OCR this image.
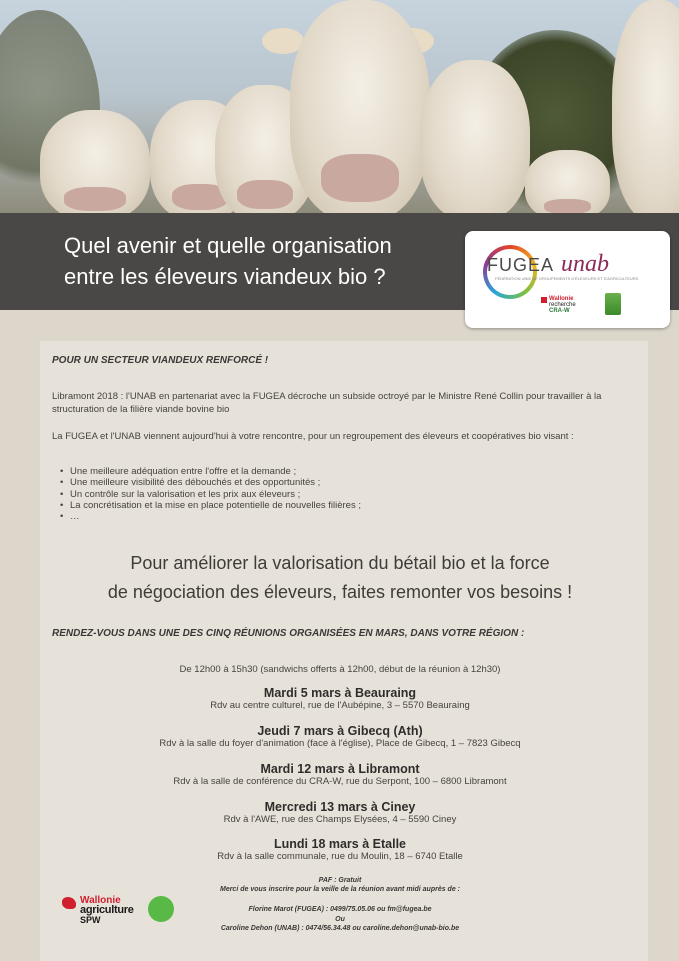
Quel avenir et quelle organisation
entre les éleveurs viandeux bio ?	FUGEA
FÉDÉRATION UNIE DE GROUPEMENTS D'ÉLEVEURS ET D'AGRICULTEURS
unab
Wallonie
recherche
CRA-W
POUR UN SECTEUR VIANDEUX RENFORCÉ !
Libramont 2018 : l'UNAB en partenariat avec la FUGEA décroche un subside octroyé par le Ministre René Collin pour travailler à la structuration de la filière viande bovine bio
La FUGEA et l'UNAB viennent aujourd'hui à votre rencontre, pour un regroupement des éleveurs et coopératives bio visant :
• Une meilleure adéquation entre l'offre et la demande ;
• Une meilleure visibilité des débouchés et des opportunités ;
• Un contrôle sur la valorisation et les prix aux éleveurs ;
• La concrétisation et la mise en place potentielle de nouvelles filières ;
• …
Pour améliorer la valorisation du bétail bio et la force
de négociation des éleveurs, faites remonter vos besoins !
RENDEZ-VOUS DANS UNE DES CINQ RÉUNIONS ORGANISÉES EN MARS, DANS VOTRE RÉGION :
De 12h00 à 15h30 (sandwichs offerts à 12h00, début de la réunion à 12h30)
Mardi 5 mars à Beauraing
Rdv au centre culturel, rue de l'Aubépine, 3 – 5570 Beauraing
Jeudi 7 mars à Gibecq (Ath)
Rdv à la salle du foyer d'animation (face à l'église), Place de Gibecq, 1 – 7823 Gibecq
Mardi 12 mars à Libramont
Rdv à la salle de conférence du CRA-W, rue du Serpont, 100 – 6800 Libramont
Mercredi 13 mars à Ciney
Rdv à l'AWE, rue des Champs Elysées, 4 – 5590 Ciney
Lundi 18 mars à Etalle
Rdv à la salle communale, rue du Moulin, 18 – 6740 Etalle
PAF : Gratuit
Merci de vous inscrire pour la veille de la réunion avant midi auprès de :
Florine Marot (FUGEA) : 0499/75.05.06 ou fm@fugea.be
Ou
Caroline Dehon (UNAB) : 0474/56.34.48 ou caroline.dehon@unab-bio.be
Wallonie
agriculture
SPW
